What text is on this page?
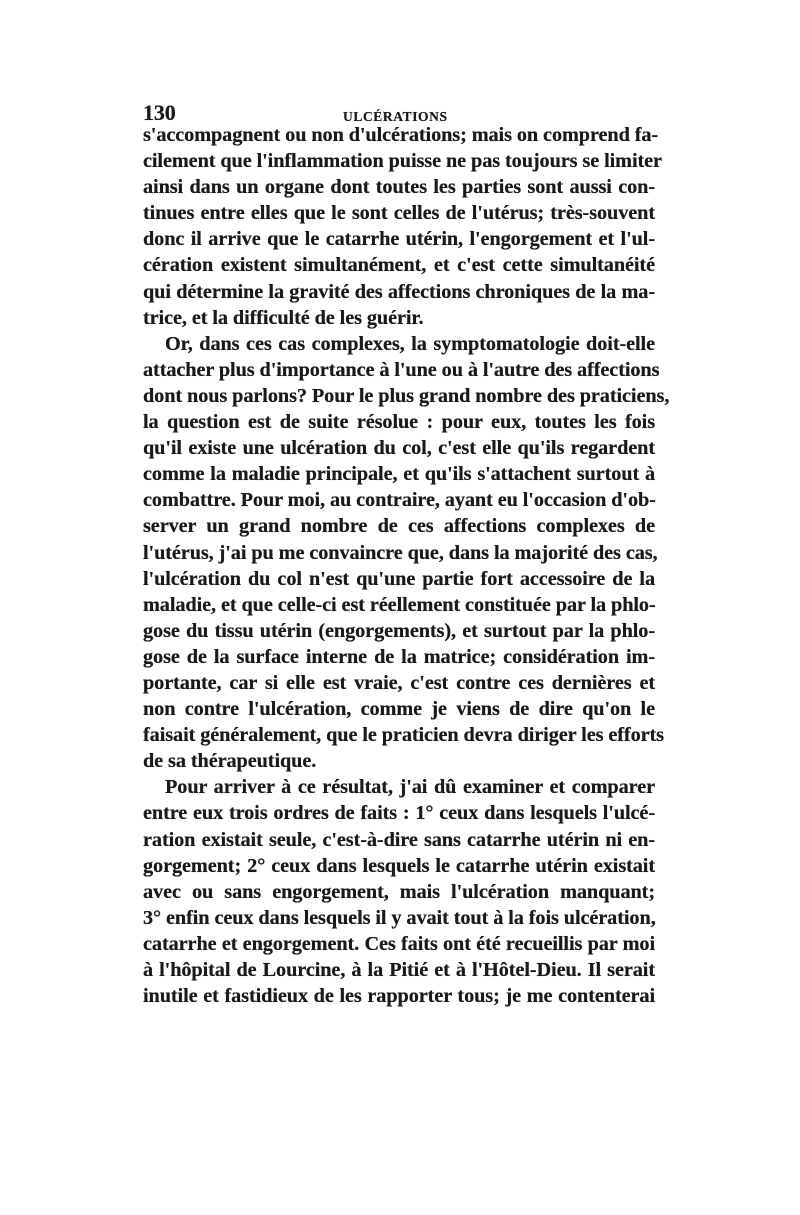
130	ULCÉRATIONS
s'accompagnent ou non d'ulcérations; mais on comprend fa-
cilement que l'inflammation puisse ne pas toujours se limiter
ainsi dans un organe dont toutes les parties sont aussi con-
tinues entre elles que le sont celles de l'utérus; très-souvent
donc il arrive que le catarrhe utérin, l'engorgement et l'ul-
cération existent simultanément, et c'est cette simultanéité
qui détermine la gravité des affections chroniques de la ma-
trice, et la difficulté de les guérir.
Or, dans ces cas complexes, la symptomatologie doit-elle
attacher plus d'importance à l'une ou à l'autre des affections
dont nous parlons? Pour le plus grand nombre des praticiens,
la question est de suite résolue : pour eux, toutes les fois
qu'il existe une ulcération du col, c'est elle qu'ils regardent
comme la maladie principale, et qu'ils s'attachent surtout à
combattre. Pour moi, au contraire, ayant eu l'occasion d'ob-
server un grand nombre de ces affections complexes de
l'utérus, j'ai pu me convaincre que, dans la majorité des cas,
l'ulcération du col n'est qu'une partie fort accessoire de la
maladie, et que celle-ci est réellement constituée par la phlo-
gose du tissu utérin (engorgements), et surtout par la phlo-
gose de la surface interne de la matrice; considération im-
portante, car si elle est vraie, c'est contre ces dernières et
non contre l'ulcération, comme je viens de dire qu'on le
faisait généralement, que le praticien devra diriger les efforts
de sa thérapeutique.
Pour arriver à ce résultat, j'ai dû examiner et comparer
entre eux trois ordres de faits : 1° ceux dans lesquels l'ulcé-
ration existait seule, c'est-à-dire sans catarrhe utérin ni en-
gorgement; 2° ceux dans lesquels le catarrhe utérin existait
avec ou sans engorgement, mais l'ulcération manquant;
3° enfin ceux dans lesquels il y avait tout à la fois ulcération,
catarrhe et engorgement. Ces faits ont été recueillis par moi
à l'hôpital de Lourcine, à la Pitié et à l'Hôtel-Dieu. Il serait
inutile et fastidieux de les rapporter tous; je me contenterai
